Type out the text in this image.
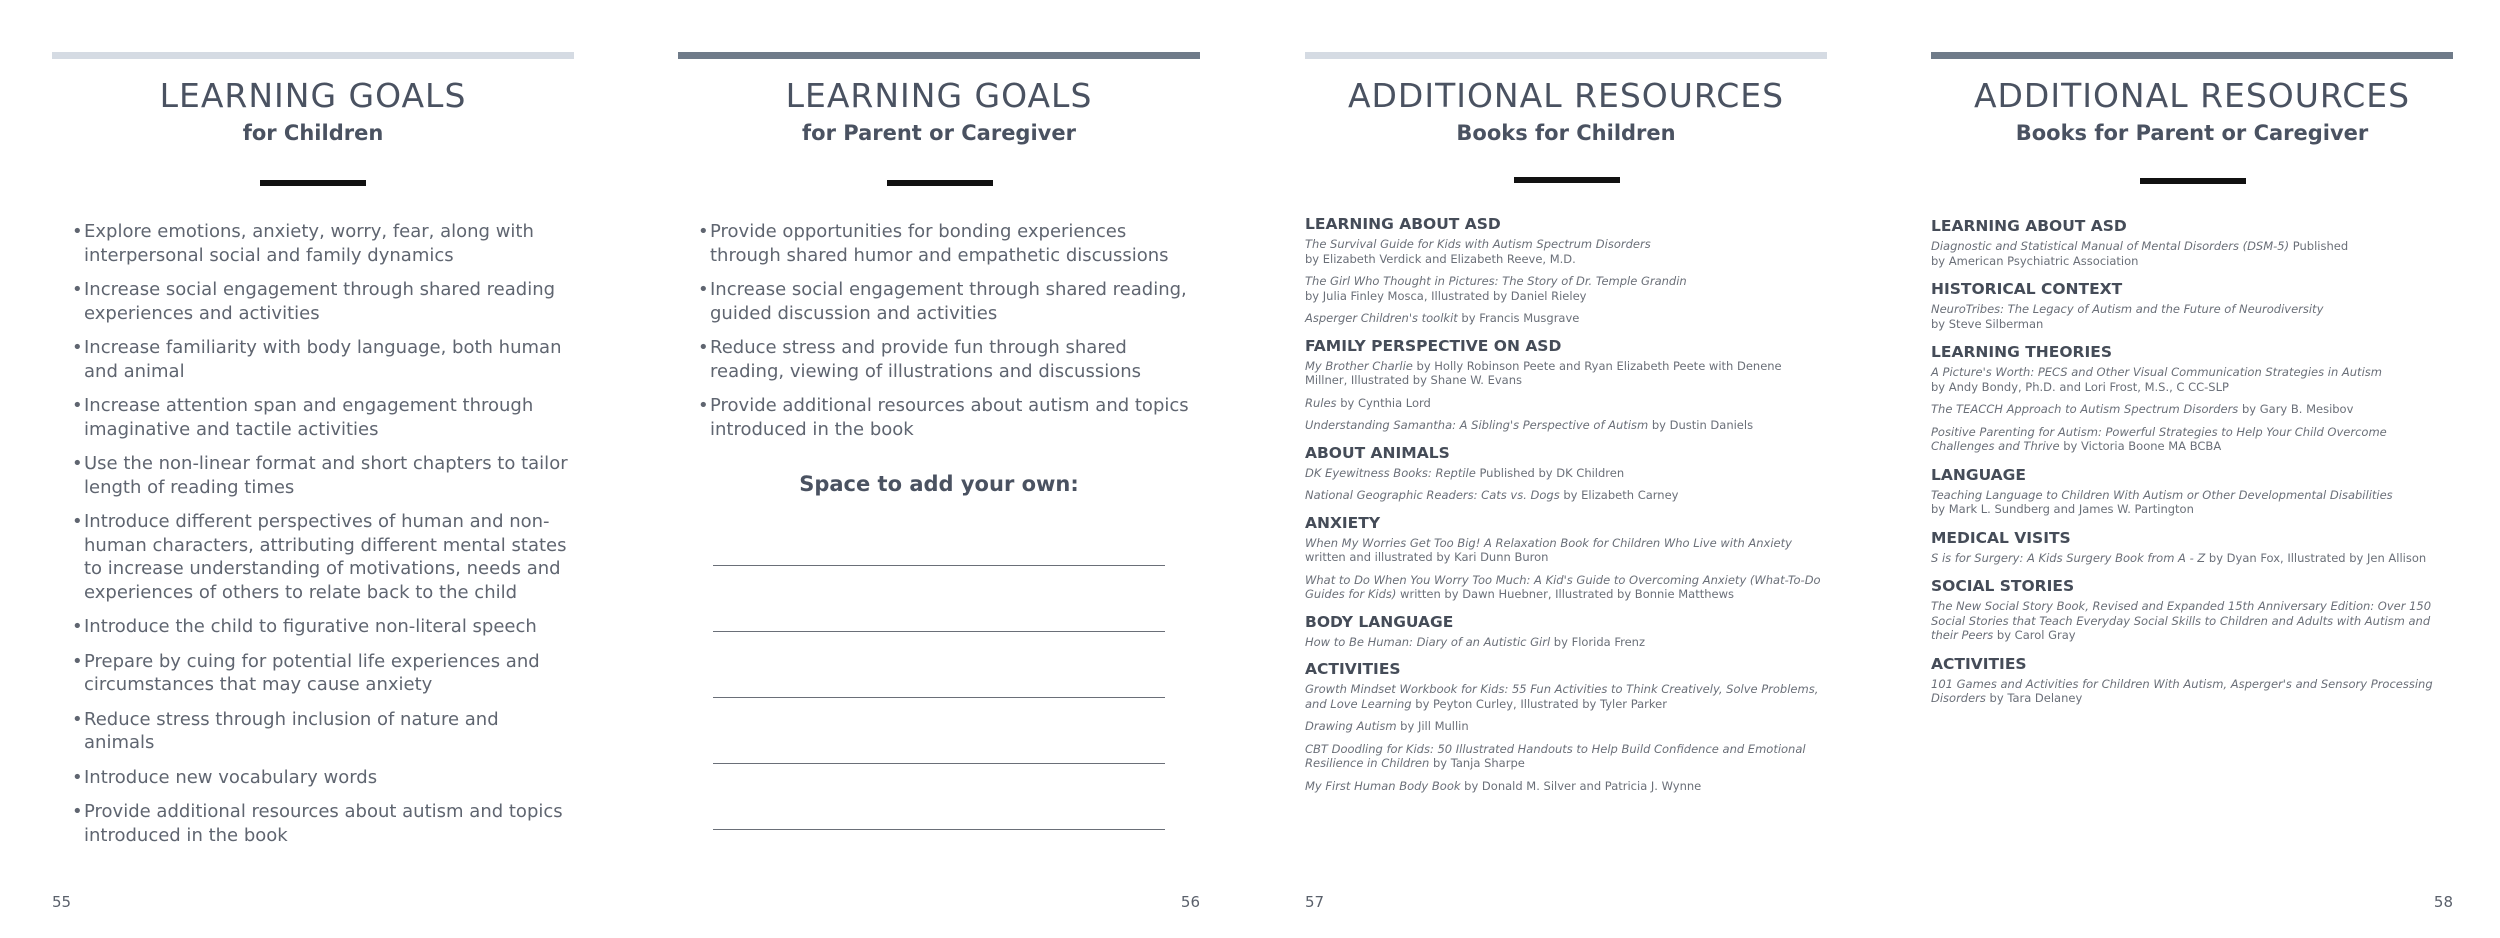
LEARNING GOALS
for Children
• Explore emotions, anxiety, worry, fear, along with interpersonal social and family dynamics
• Increase social engagement through shared reading experiences and activities
• Increase familiarity with body language, both human and animal
• Increase attention span and engagement through imaginative and tactile activities
• Use the non-linear format and short chapters to tailor length of reading times
• Introduce different perspectives of human and non-human characters, attributing different mental states to increase understanding of motivations, needs and experiences of others to relate back to the child
• Introduce the child to figurative non-literal speech
• Prepare by cuing for potential life experiences and circumstances that may cause anxiety
• Reduce stress through inclusion of nature and animals
• Introduce new vocabulary words
• Provide additional resources about autism and topics introduced in the book
55
LEARNING GOALS
for Parent or Caregiver
• Provide opportunities for bonding experiences through shared humor and empathetic discussions
• Increase social engagement through shared reading, guided discussion and activities
• Reduce stress and provide fun through shared reading, viewing of illustrations and discussions
• Provide additional resources about autism and topics introduced in the book
Space to add your own:
56
ADDITIONAL RESOURCES
Books for Children
LEARNING ABOUT ASD
The Survival Guide for Kids with Autism Spectrum Disorders
by Elizabeth Verdick and Elizabeth Reeve, M.D.
The Girl Who Thought in Pictures: The Story of Dr. Temple Grandin
by Julia Finley Mosca, Illustrated by Daniel Rieley
Asperger Children's toolkit by Francis Musgrave
FAMILY PERSPECTIVE ON ASD
My Brother Charlie by Holly Robinson Peete and Ryan Elizabeth Peete with Denene Millner, Illustrated by Shane W. Evans
Rules by Cynthia Lord
Understanding Samantha: A Sibling's Perspective of Autism by Dustin Daniels
ABOUT ANIMALS
DK Eyewitness Books: Reptile Published by DK Children
National Geographic Readers: Cats vs. Dogs by Elizabeth Carney
ANXIETY
When My Worries Get Too Big! A Relaxation Book for Children Who Live with Anxiety
written and illustrated by Kari Dunn Buron
What to Do When You Worry Too Much: A Kid's Guide to Overcoming Anxiety (What-To-Do Guides for Kids) written by Dawn Huebner, Illustrated by Bonnie Matthews
BODY LANGUAGE
How to Be Human: Diary of an Autistic Girl by Florida Frenz
ACTIVITIES
Growth Mindset Workbook for Kids: 55 Fun Activities to Think Creatively, Solve Problems, and Love Learning by Peyton Curley, Illustrated by Tyler Parker
Drawing Autism by Jill Mullin
CBT Doodling for Kids: 50 Illustrated Handouts to Help Build Confidence and Emotional Resilience in Children by Tanja Sharpe
My First Human Body Book by Donald M. Silver and Patricia J. Wynne
57
ADDITIONAL RESOURCES
Books for Parent or Caregiver
LEARNING ABOUT ASD
Diagnostic and Statistical Manual of Mental Disorders (DSM-5) Published
by American Psychiatric Association
HISTORICAL CONTEXT
NeuroTribes: The Legacy of Autism and the Future of Neurodiversity
by Steve Silberman
LEARNING THEORIES
A Picture's Worth: PECS and Other Visual Communication Strategies in Autism
by Andy Bondy, Ph.D. and Lori Frost, M.S., C CC-SLP
The TEACCH Approach to Autism Spectrum Disorders by Gary B. Mesibov
Positive Parenting for Autism: Powerful Strategies to Help Your Child Overcome Challenges and Thrive by Victoria Boone MA BCBA
LANGUAGE
Teaching Language to Children With Autism or Other Developmental Disabilities
by Mark L. Sundberg and James W. Partington
MEDICAL VISITS
S is for Surgery: A Kids Surgery Book from A - Z by Dyan Fox, Illustrated by Jen Allison
SOCIAL STORIES
The New Social Story Book, Revised and Expanded 15th Anniversary Edition: Over 150 Social Stories that Teach Everyday Social Skills to Children and Adults with Autism and their Peers by Carol Gray
ACTIVITIES
101 Games and Activities for Children With Autism, Asperger's and Sensory Processing Disorders by Tara Delaney
58
